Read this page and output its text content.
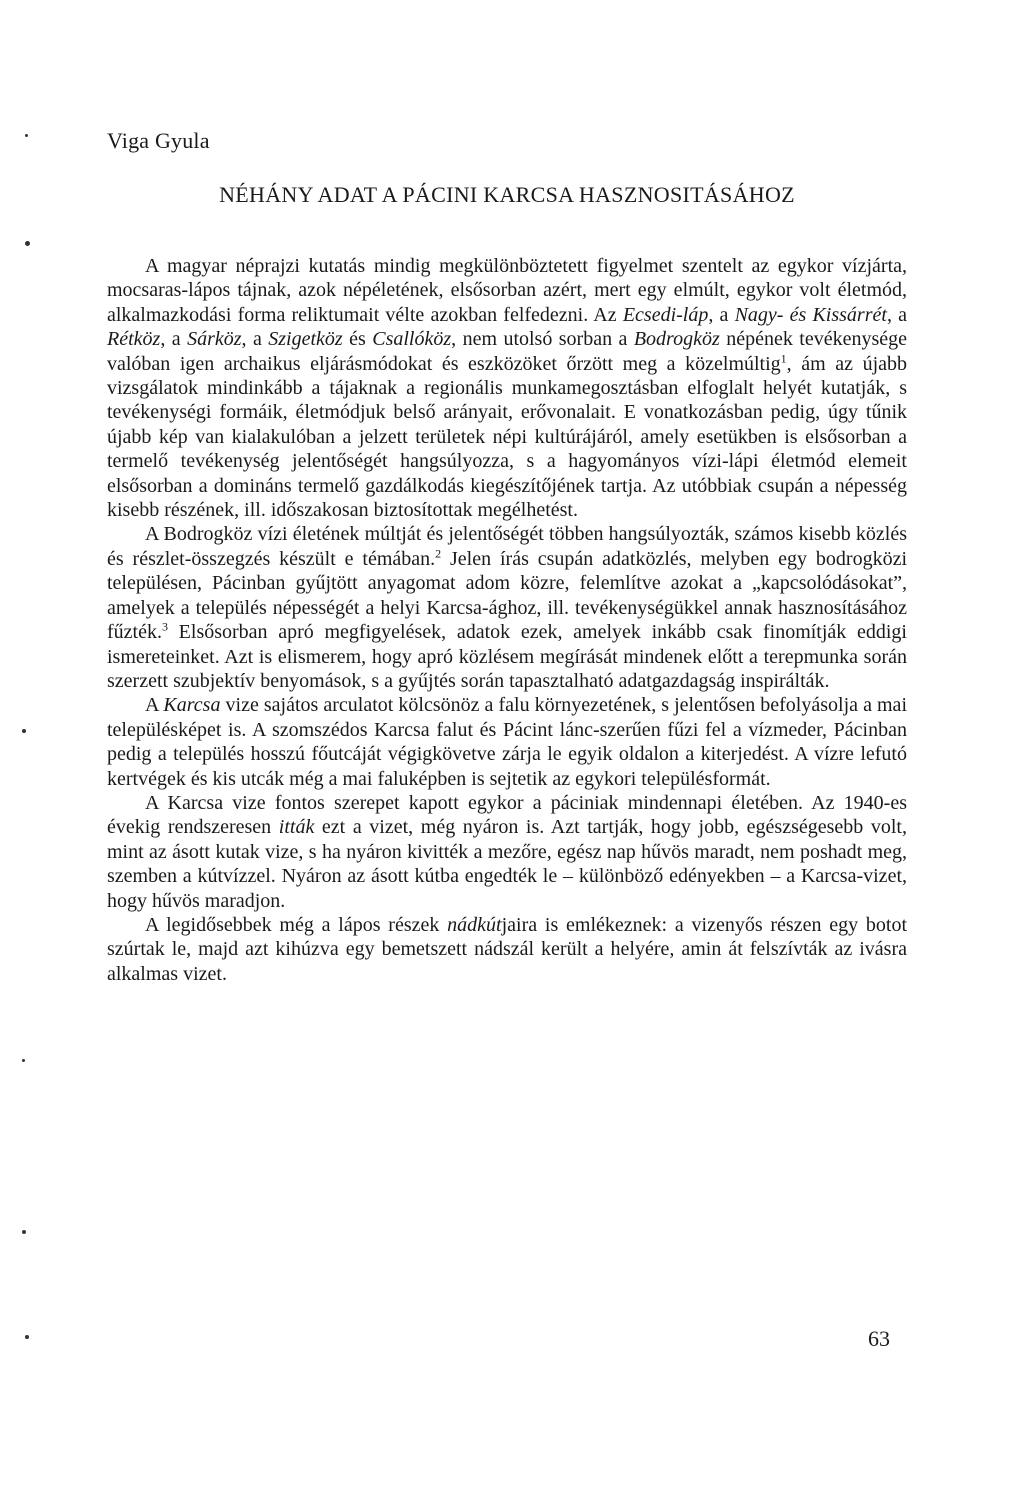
Viga Gyula
NÉHÁNY ADAT A PÁCINI KARCSA HASZNOSITÁSÁHOZ

A magyar néprajzi kutatás mindig megkülönböztetett figyelmet szentelt az egykor vízjárta, mocsaras-lápos tájnak, azok népéletének, elsősorban azért, mert egy elmúlt, egykor volt életmód, alkalmazkodási forma reliktumait vélte azokban felfedezni. Az Ecsedi-láp, a Nagy- és Kissárrét, a Rétköz, a Sárköz, a Szigetköz és Csallóköz, nem utolsó sorban a Bodrogköz népének tevékenysége valóban igen archaikus eljárásmódokat és eszközöket őrzött meg a közelmúltig$^1$, ám az újabb vizsgálatok mindinkább a tájaknak a regionális munkamegosztásban elfoglalt helyét kutatják, s tevékenységi formáik, életmódjuk belső arányait, erővonalait. E vonatkozásban pedig, úgy tűnik újabb kép van kialakulóban a jelzett területek népi kultúrájáról, amely esetükben is elsősorban a termelő tevékenység jelentőségét hangsúlyozza, s a hagyományos vízi-lápi életmód elemeit elsősorban a domináns termelő gazdálkodás kiegészítőjének tartja. Az utóbbiak csupán a népesség kisebb részének, ill. időszakosan biztosítottak megélhetést.

A Bodrogköz vízi életének múltját és jelentőségét többen hangsúlyozták, számos kisebb közlés és részlet-összegzés készült e témában.$^2$ Jelen írás csupán adatközlés, melyben egy bodrogközi településen, Pácinban gyűjtött anyagomat adom közre, felemlítve azokat a „kapcsolódásokat”, amelyek a település népességét a helyi Karcsa-ághoz, ill. tevékenységükkel annak hasznosításához fűzték.$^3$ Elsősorban apró megfigyelések, adatok ezek, amelyek inkább csak finomítják eddigi ismereteinket. Azt is elismerem, hogy apró közlésem megírását mindenek előtt a terepmunka során szerzett szubjektív benyomások, s a gyűjtés során tapasztalható adatgazdagság inspirálták.

A Karcsa vize sajátos arculatot kölcsönöz a falu környezetének, s jelentősen befolyásolja a mai településképet is. A szomszédos Karcsa falut és Pácint lánc-szerűen fűzi fel a vízmeder, Pácinban pedig a település hosszú főutcáját végigkövetve zárja le egyik oldalon a kiterjedést. A vízre lefutó kertvégek és kis utcák még a mai faluképben is sejtetik az egykori településformát.

A Karcsa vize fontos szerepet kapott egykor a páciniak mindennapi életében. Az 1940-es évekig rendszeresen itták ezt a vizet, még nyáron is. Azt tartják, hogy jobb, egészségesebb volt, mint az ásott kutak vize, s ha nyáron kivitték a mezőre, egész nap hűvös maradt, nem poshadt meg, szemben a kútvízzel. Nyáron az ásott kútba engedték le – különböző edényekben – a Karcsa-vizet, hogy hűvös maradjon.

A legidősebbek még a lápos részek nádkútjaira is emlékeznek: a vizenyős részen egy botot szúrtak le, majd azt kihúzva egy bemetszett nádszál került a helyére, amin át felszívták az ivásra alkalmas vizet.

63
